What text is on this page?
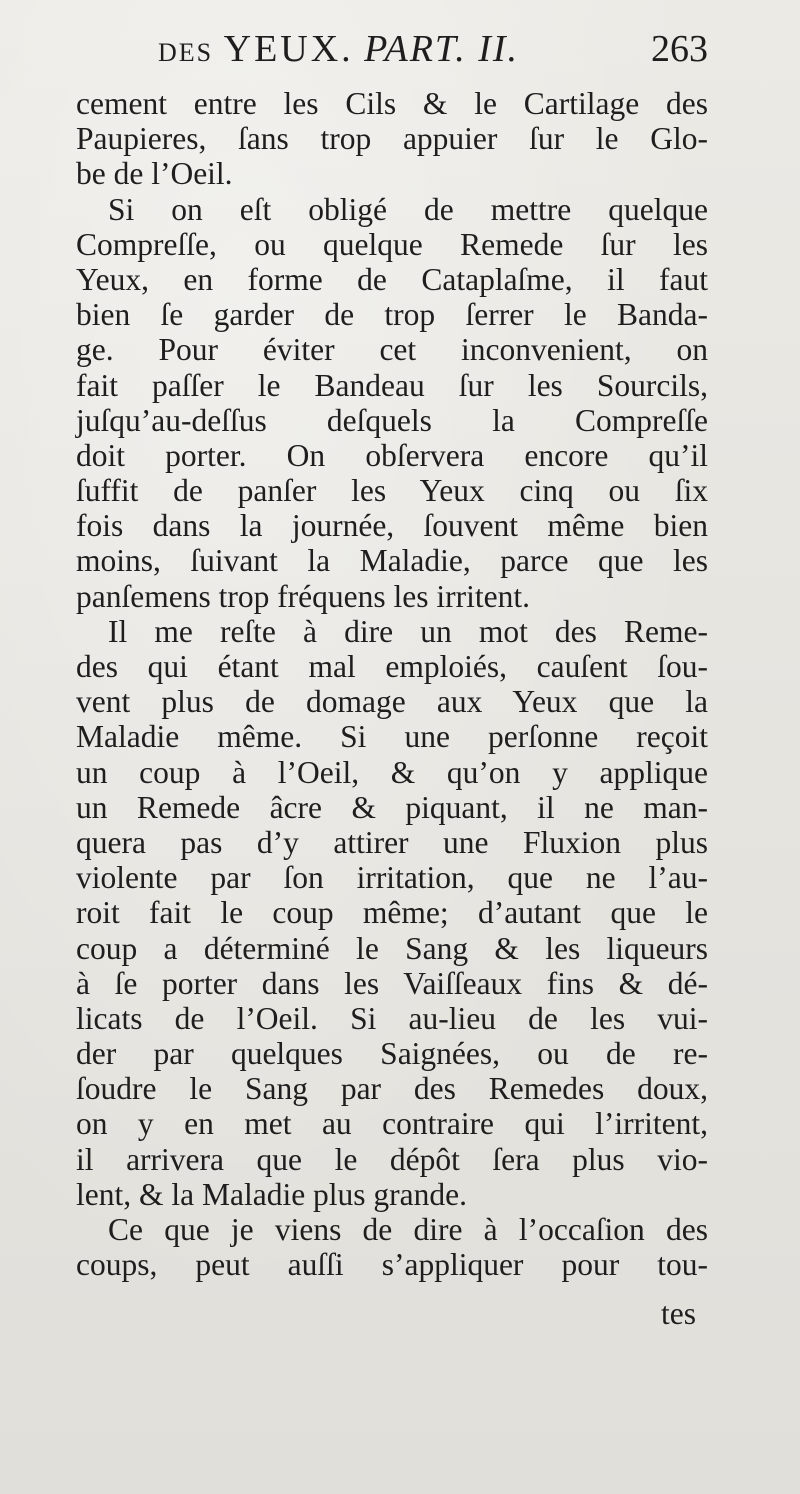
DES YEUX. PART. II.	263
cement entre les Cils & le Cartilage des
Paupieres, ſans trop appuier ſur le Glo-
be de l’Oeil.
Si on eſt obligé de mettre quelque
Compreſſe, ou quelque Remede ſur les
Yeux, en forme de Cataplaſme, il faut
bien ſe garder de trop ſerrer le Banda-
ge. Pour éviter cet inconvenient, on
fait paſſer le Bandeau ſur les Sourcils,
juſqu’au-deſſus deſquels la Compreſſe
doit porter. On obſervera encore qu’il
ſuffit de panſer les Yeux cinq ou ſix
fois dans la journée, ſouvent même bien
moins, ſuivant la Maladie, parce que les
panſemens trop fréquens les irritent.
Il me reſte à dire un mot des Reme-
des qui étant mal emploiés, cauſent ſou-
vent plus de domage aux Yeux que la
Maladie même. Si une perſonne reçoit
un coup à l’Oeil, & qu’on y applique
un Remede âcre & piquant, il ne man-
quera pas d’y attirer une Fluxion plus
violente par ſon irritation, que ne l’au-
roit fait le coup même; d’autant que le
coup a déterminé le Sang & les liqueurs
à ſe porter dans les Vaiſſeaux fins & dé-
licats de l’Oeil. Si au-lieu de les vui-
der par quelques Saignées, ou de re-
ſoudre le Sang par des Remedes doux,
on y en met au contraire qui l’irritent,
il arrivera que le dépôt ſera plus vio-
lent, & la Maladie plus grande.
Ce que je viens de dire à l’occaſion des
coups, peut auſſi s’appliquer pour tou-
tes
